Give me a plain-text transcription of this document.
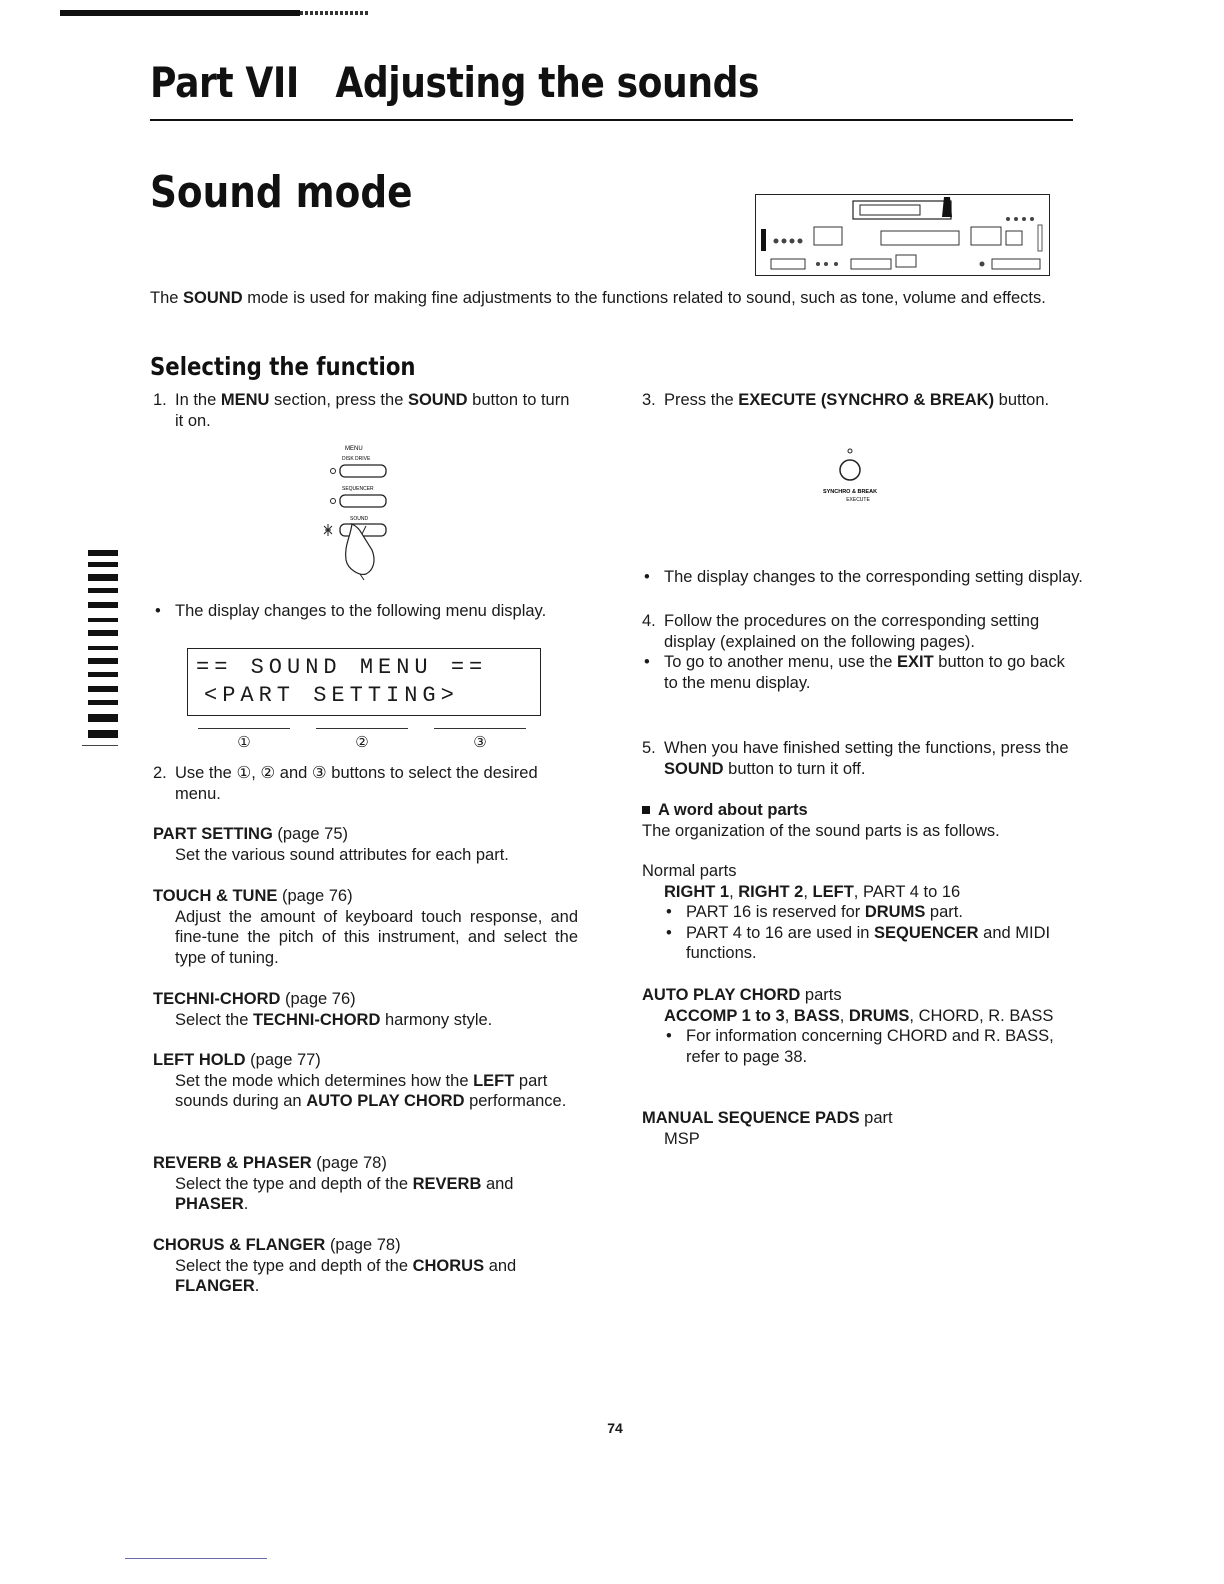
Part VII   Adjusting the sounds
Sound mode
The SOUND mode is used for making fine adjustments to the functions related to sound, such as tone, volume and effects.
Selecting the function
1. In the MENU section, press the SOUND button to turn it on.
MENU
DISK DRIVE
SEQUENCER
SOUND
• The display changes to the following menu display.
== SOUND MENU ==
<PART SETTING>
①	②	③
2. Use the ①, ② and ③ buttons to select the desired menu.
PART SETTING (page 75)
Set the various sound attributes for each part.
TOUCH & TUNE (page 76)
Adjust the amount of keyboard touch response, and fine-tune the pitch of this instrument, and select the type of tuning.
TECHNI-CHORD (page 76)
Select the TECHNI-CHORD harmony style.
LEFT HOLD (page 77)
Set the mode which determines how the LEFT part sounds during an AUTO PLAY CHORD performance.
REVERB & PHASER (page 78)
Select the type and depth of the REVERB and PHASER.
CHORUS & FLANGER (page 78)
Select the type and depth of the CHORUS and FLANGER.
3. Press the EXECUTE (SYNCHRO & BREAK) button.
SYNCHRO & BREAK
EXECUTE
• The display changes to the corresponding setting display.
4. Follow the procedures on the corresponding setting display (explained on the following pages).
• To go to another menu, use the EXIT button to go back to the menu display.
5. When you have finished setting the functions, press the SOUND button to turn it off.
A word about parts
The organization of the sound parts is as follows.
Normal parts
RIGHT 1, RIGHT 2, LEFT, PART 4 to 16
• PART 16 is reserved for DRUMS part.
• PART 4 to 16 are used in SEQUENCER and MIDI functions.
AUTO PLAY CHORD parts
ACCOMP 1 to 3, BASS, DRUMS, CHORD, R. BASS
• For information concerning CHORD and R. BASS, refer to page 38.
MANUAL SEQUENCE PADS part
MSP
74
